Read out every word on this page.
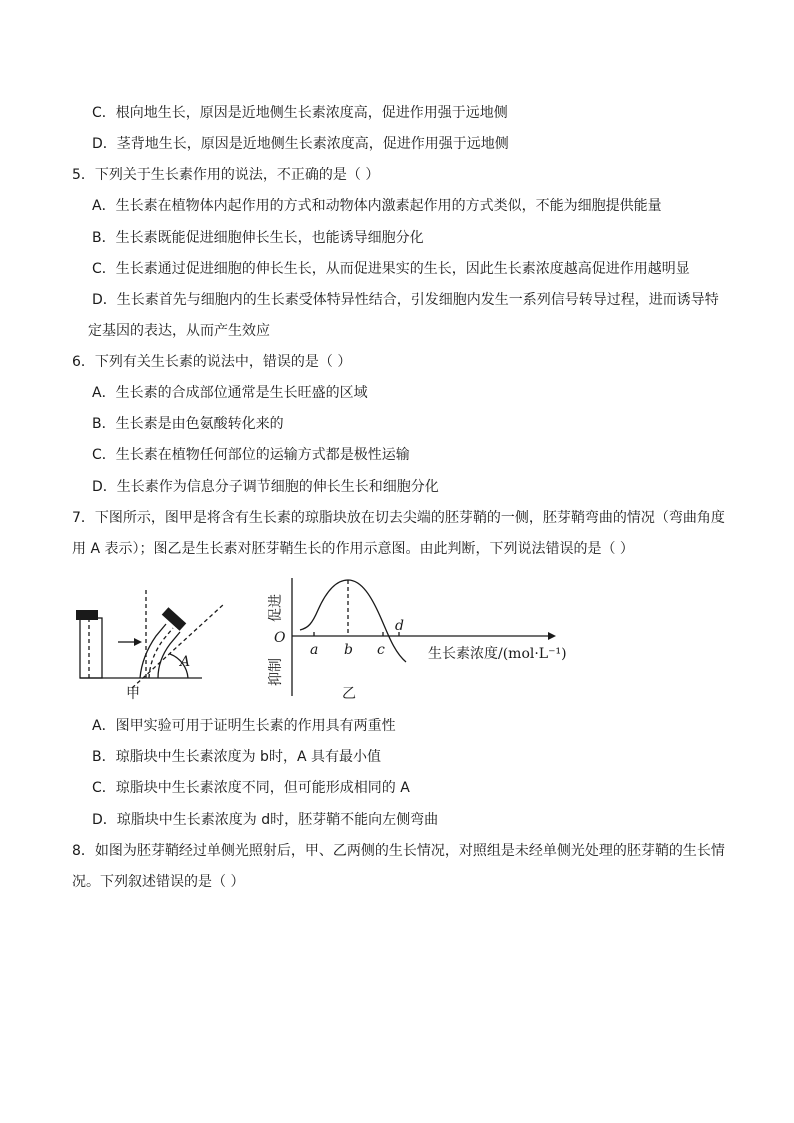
C．根向地生长，原因是近地侧生长素浓度高，促进作用强于远地侧
D．茎背地生长，原因是近地侧生长素浓度高，促进作用强于远地侧
5．下列关于生长素作用的说法，不正确的是（ ）
A．生长素在植物体内起作用的方式和动物体内激素起作用的方式类似，不能为细胞提供能量
B．生长素既能促进细胞伸长生长，也能诱导细胞分化
C．生长素通过促进细胞的伸长生长，从而促进果实的生长，因此生长素浓度越高促进作用越明显
D．生长素首先与细胞内的生长素受体特异性结合，引发细胞内发生一系列信号转导过程，进而诱导特
定基因的表达，从而产生效应
6．下列有关生长素的说法中，错误的是（ ）
A．生长素的合成部位通常是生长旺盛的区域
B．生长素是由色氨酸转化来的
C．生长素在植物任何部位的运输方式都是极性运输
D．生长素作为信息分子调节细胞的伸长生长和细胞分化
7．下图所示，图甲是将含有生长素的琼脂块放在切去尖端的胚芽鞘的一侧，胚芽鞘弯曲的情况（弯曲角度
用 A 表示）；图乙是生长素对胚芽鞘生长的作用示意图。由此判断，下列说法错误的是（ ）
A
甲
促进
抑制
O
a b c
d
生长素浓度/(mol·L⁻¹)
乙
A．图甲实验可用于证明生长素的作用具有两重性
B．琼脂块中生长素浓度为 b时，A 具有最小值
C．琼脂块中生长素浓度不同，但可能形成相同的 A
D．琼脂块中生长素浓度为 d时，胚芽鞘不能向左侧弯曲
8．如图为胚芽鞘经过单侧光照射后，甲、乙两侧的生长情况，对照组是未经单侧光处理的胚芽鞘的生长情
况。下列叙述错误的是（ ）
